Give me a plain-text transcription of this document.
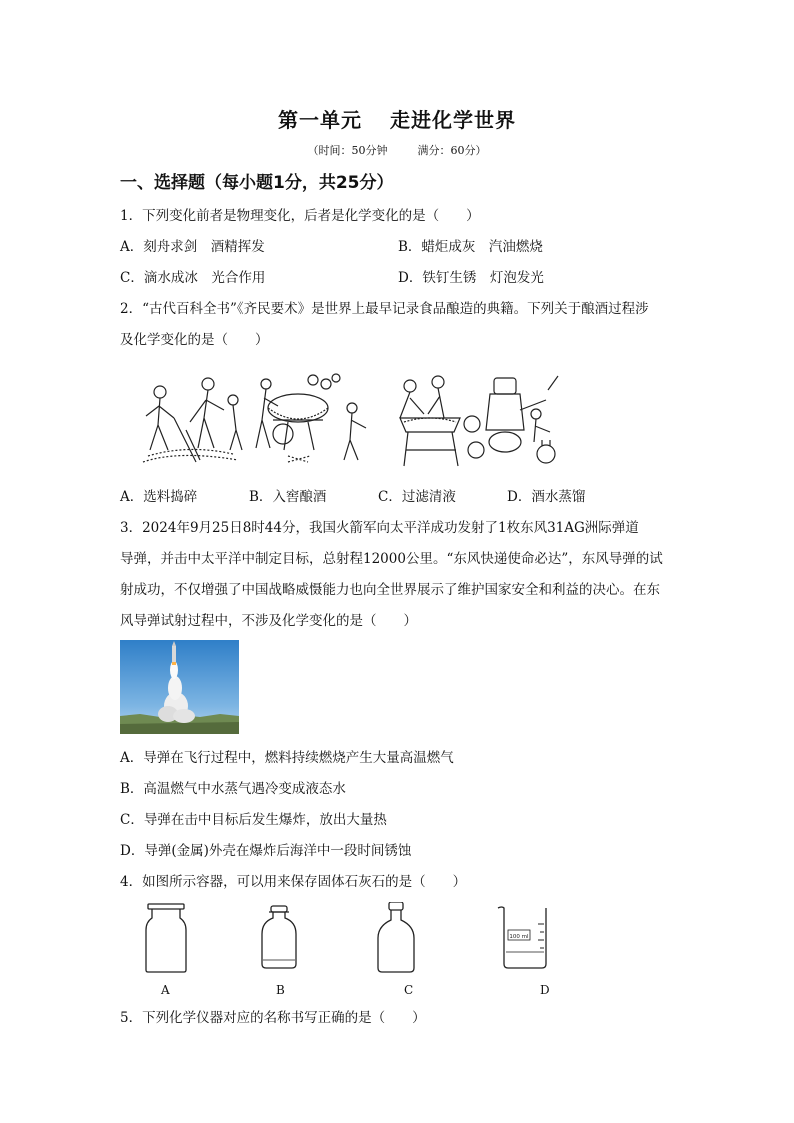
第一单元 走进化学世界
（时间：50分钟	满分：60分）
一、选择题（每小题1分，共25分）
1．下列变化前者是物理变化，后者是化学变化的是（　　）
A．刻舟求剑　酒精挥发	B．蜡炬成灰　汽油燃烧
C．滴水成冰　光合作用	D．铁钉生锈　灯泡发光
2．“古代百科全书”《齐民要术》是世界上最早记录食品酿造的典籍。下列关于酿酒过程涉
及化学变化的是（　　）
A．选料捣碎	B．入窖酿酒	C．过滤清液	D．酒水蒸馏
3．2024年9月25日8时44分，我国火箭军向太平洋成功发射了1枚东风31AG洲际弹道
导弹，并击中太平洋中制定目标，总射程12000公里。“东风快递使命必达”，东风导弹的试
射成功，不仅增强了中国战略威慑能力也向全世界展示了维护国家安全和利益的决心。在东
风导弹试射过程中，不涉及化学变化的是（　　）
A．导弹在飞行过程中，燃料持续燃烧产生大量高温燃气
B．高温燃气中水蒸气遇冷变成液态水
C．导弹在击中目标后发生爆炸，放出大量热
D．导弹(金属)外壳在爆炸后海洋中一段时间锈蚀
4．如图所示容器，可以用来保存固体石灰石的是（　　）
100 ml
A	B	C	D
5．下列化学仪器对应的名称书写正确的是（　　）
